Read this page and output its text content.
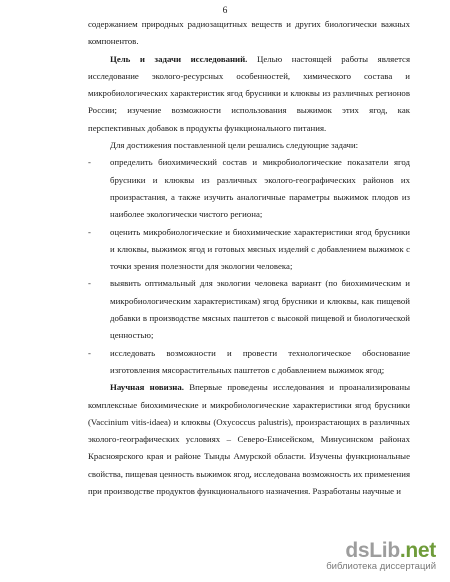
6

содержанием природных радиозащитных веществ и других биологически важных компонентов.

Цель и задачи исследований. Целью настоящей работы является исследование эколого-ресурсных особенностей, химического состава и микробиологических характеристик ягод брусники и клюквы из различных регионов России; изучение возможности использования выжимок этих ягод, как перспективных добавок в продукты функционального питания.

Для достижения поставленной цели решались следующие задачи:

- определить биохимический состав и микробиологические показатели ягод брусники и клюквы из различных эколого-географических районов их произрастания, а также изучить аналогичные параметры выжимок плодов из наиболее экологически чистого региона;
- оценить микробиологические и биохимические характеристики ягод брусники и клюквы, выжимок ягод и готовых мясных изделий с добавлением выжимок с точки зрения полезности для экологии человека;
- выявить оптимальный для экологии человека вариант (по биохимическим и микробиологическим характеристикам) ягод брусники и клюквы, как пищевой добавки в производстве мясных паштетов с высокой пищевой и биологической ценностью;
- исследовать возможности и провести технологическое обоснование изготовления мясорастительных паштетов с добавлением выжимок ягод;

Научная новизна. Впервые проведены исследования и проанализированы комплексные биохимические и микробиологические характеристики ягод брусники (Vaccinium vitis-idaea) и клюквы (Oxycoccus palustris), произрастающих в различных эколого-географических условиях – Северо-Енисейском, Минусинском районах Красноярского края и районе Тынды Амурской области. Изучены функциональные свойства, пищевая ценность выжимок ягод, исследована возможность их применения при производстве продуктов функционального назначения. Разработаны научные и

dsLib.net
библиотека диссертаций
